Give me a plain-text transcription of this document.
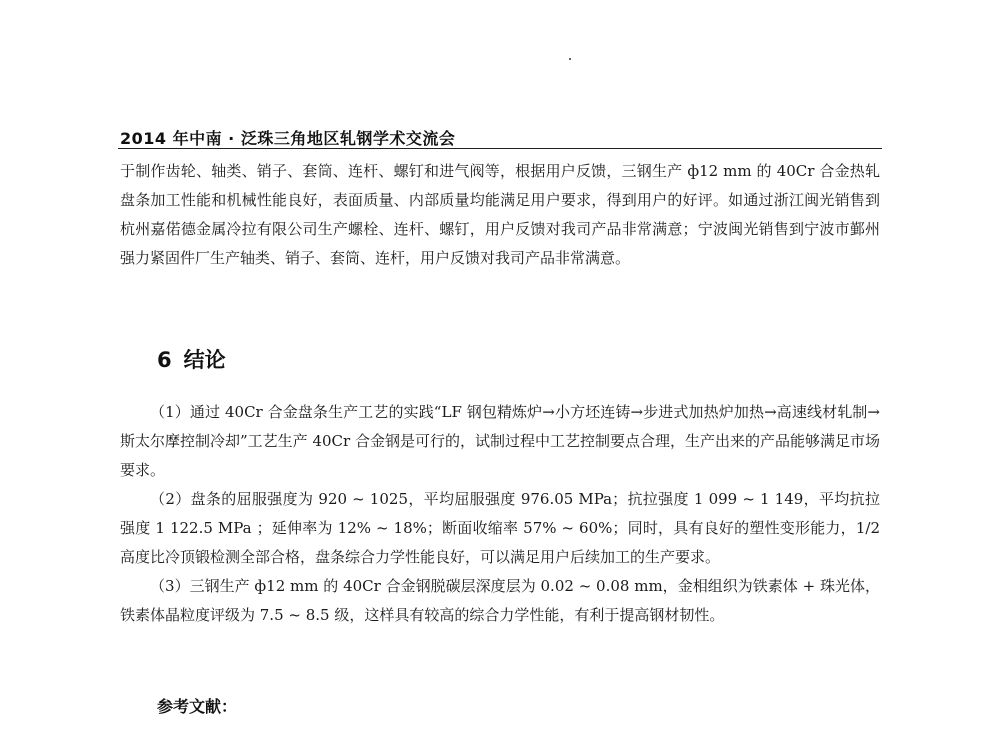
2014 年中南 · 泛珠三角地区轧钢学术交流会
于制作齿轮、轴类、销子、套筒、连杆、螺钉和进气阀等，根据用户反馈，三钢生产 ф12 mm 的 40Cr 合金热轧盘条加工性能和机械性能良好，表面质量、内部质量均能满足用户要求，得到用户的好评。如通过浙江闽光销售到杭州嘉偌德金属冷拉有限公司生产螺栓、连杆、螺钉，用户反馈对我司产品非常满意；宁波闽光销售到宁波市鄞州强力紧固件厂生产轴类、销子、套筒、连杆，用户反馈对我司产品非常满意。
6 结论

（1）通过 40Cr 合金盘条生产工艺的实践“LF 钢包精炼炉→小方坯连铸→步进式加热炉加热→高速线材轧制→斯太尔摩控制冷却”工艺生产 40Cr 合金钢是可行的，试制过程中工艺控制要点合理，生产出来的产品能够满足市场要求。

（2）盘条的屈服强度为 920 ~ 1025，平均屈服强度 976.05 MPa；抗拉强度 1 099 ~ 1 149，平均抗拉强度 1 122.5 MPa ；延伸率为 12% ~ 18%；断面收缩率 57% ~ 60%；同时，具有良好的塑性变形能力，1/2 高度比冷顶锻检测全部合格，盘条综合力学性能良好，可以满足用户后续加工的生产要求。

（3）三钢生产 ф12 mm 的 40Cr 合金钢脱碳层深度层为 0.02 ~ 0.08 mm，金相组织为铁素体 + 珠光体，铁素体晶粒度评级为 7.5 ~ 8.5 级，这样具有较高的综合力学性能，有利于提高钢材韧性。

参考文献：
